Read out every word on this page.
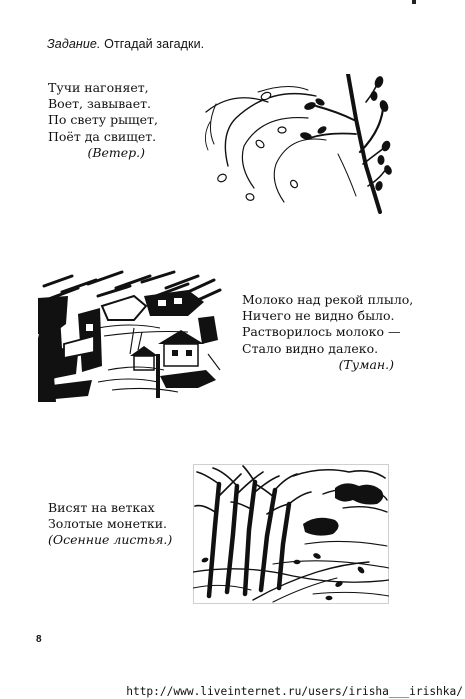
Задание. Отгадай загадки.

Тучи нагоняет,
Воет, завывает.
По свету рыщет,
Поёт да свищет.
(Ветер.)
Молоко над рекой плыло,
Ничего не видно было.
Растворилось молоко —
Стало видно далеко.
(Туман.)
Висят на ветках
Золотые монетки.
(Осенние листья.)

8

http://www.liveinternet.ru/users/irisha___irishka/
